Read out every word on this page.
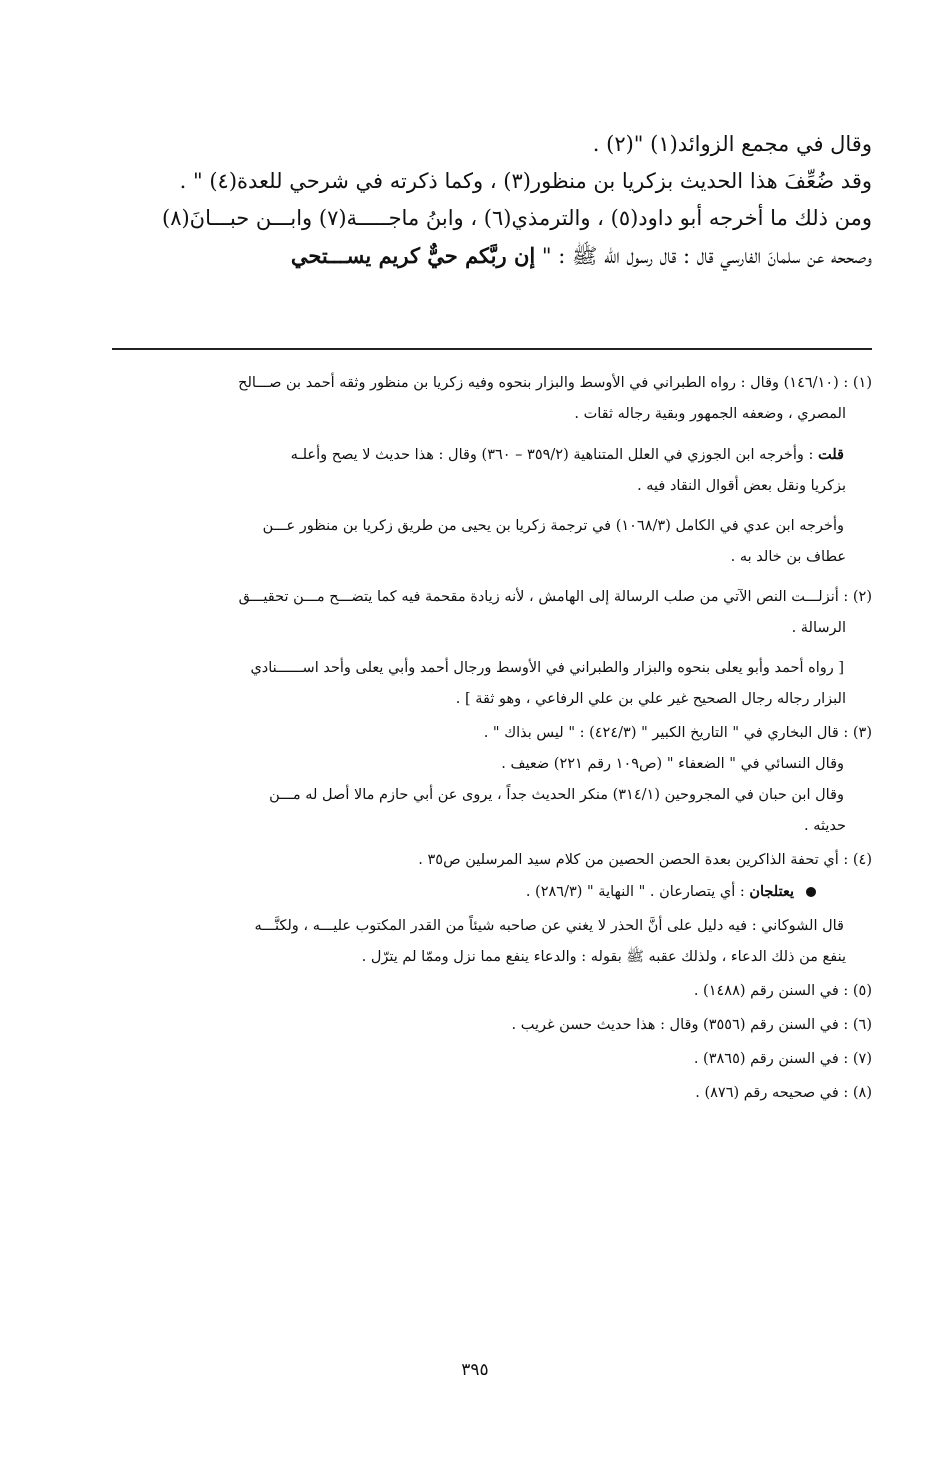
وقال في مجمع الزوائد(١) "(٢) .
وقد ضُعِّفَ هذا الحديث بزكريا بن منظور(٣) ، وكما ذكرته في شرحي للعدة(٤) " .
ومن ذلك ما أخرجه أبو داود(٥) ، والترمذي(٦) ، وابنُ ماجـــــة(٧) وابـــن حبـــانَ(٨)
وصححه عن سلمانَ الفارسي قال : قال رسول الله ﷺ : " إن ربَّكم حيٌّ كريم يســـتحي
(١) : (١٤٦/١٠) وقال : رواه الطبراني في الأوسط والبزار بنحوه وفيه زكريا بن منظور وثقه أحمد بن صـــالح
المصري ، وضعفه الجمهور وبقية رجاله ثقات .
قلت : وأخرجه ابن الجوزي في العلل المتناهية (٣٥٩/٢ – ٣٦٠) وقال : هذا حديث لا يصح وأعلـه
بزكريا ونقل بعض أقوال النقاد فيه .
وأخرجه ابن عدي في الكامل (١٠٦٨/٣) في ترجمة زكريا بن يحيى من طريق زكريا بن منظور عـــن
عطاف بن خالد به .
(٢) : أنزلـــت النص الآتي من صلب الرسالة إلى الهامش ، لأنه زيادة مقحمة فيه كما يتضـــح مـــن تحقيـــق
الرسالة .
[ رواه أحمد وأبو يعلى بنحوه والبزار والطبراني في الأوسط ورجال أحمد وأبي يعلى وأحد اســــــنادي
البزار رجاله رجال الصحيح غير علي بن علي الرفاعي ، وهو ثقة ] .
(٣) : قال البخاري في " التاريخ الكبير " (٤٢٤/٣) : " ليس بذاك " .
وقال النسائي في " الضعفاء " (ص١٠٩ رقم ٢٢١) ضعيف .
وقال ابن حبان في المجروحين (٣١٤/١) منكر الحديث جداً ، يروى عن أبي حازم مالا أصل له مـــن
حديثه .
(٤) : أي تحفة الذاكرين بعدة الحصن الحصين من كلام سيد المرسلين ص٣٥ .
يعتلجان : أي يتصارعان . " النهاية " (٢٨٦/٣) .
قال الشوكاني : فيه دليل على أنَّ الحذر لا يغني عن صاحبه شيئاً من القدر المكتوب عليـــه ، ولكنَّـــه
ينفع من ذلك الدعاء ، ولذلك عقبه ﷺ بقوله : والدعاء ينفع مما نزل وممّا لم يترّل .
(٥) : في السنن رقم (١٤٨٨) .
(٦) : في السنن رقم (٣٥٥٦) وقال : هذا حديث حسن غريب .
(٧) : في السنن رقم (٣٨٦٥) .
(٨) : في صحيحه رقم (٨٧٦) .
٣٩٥
